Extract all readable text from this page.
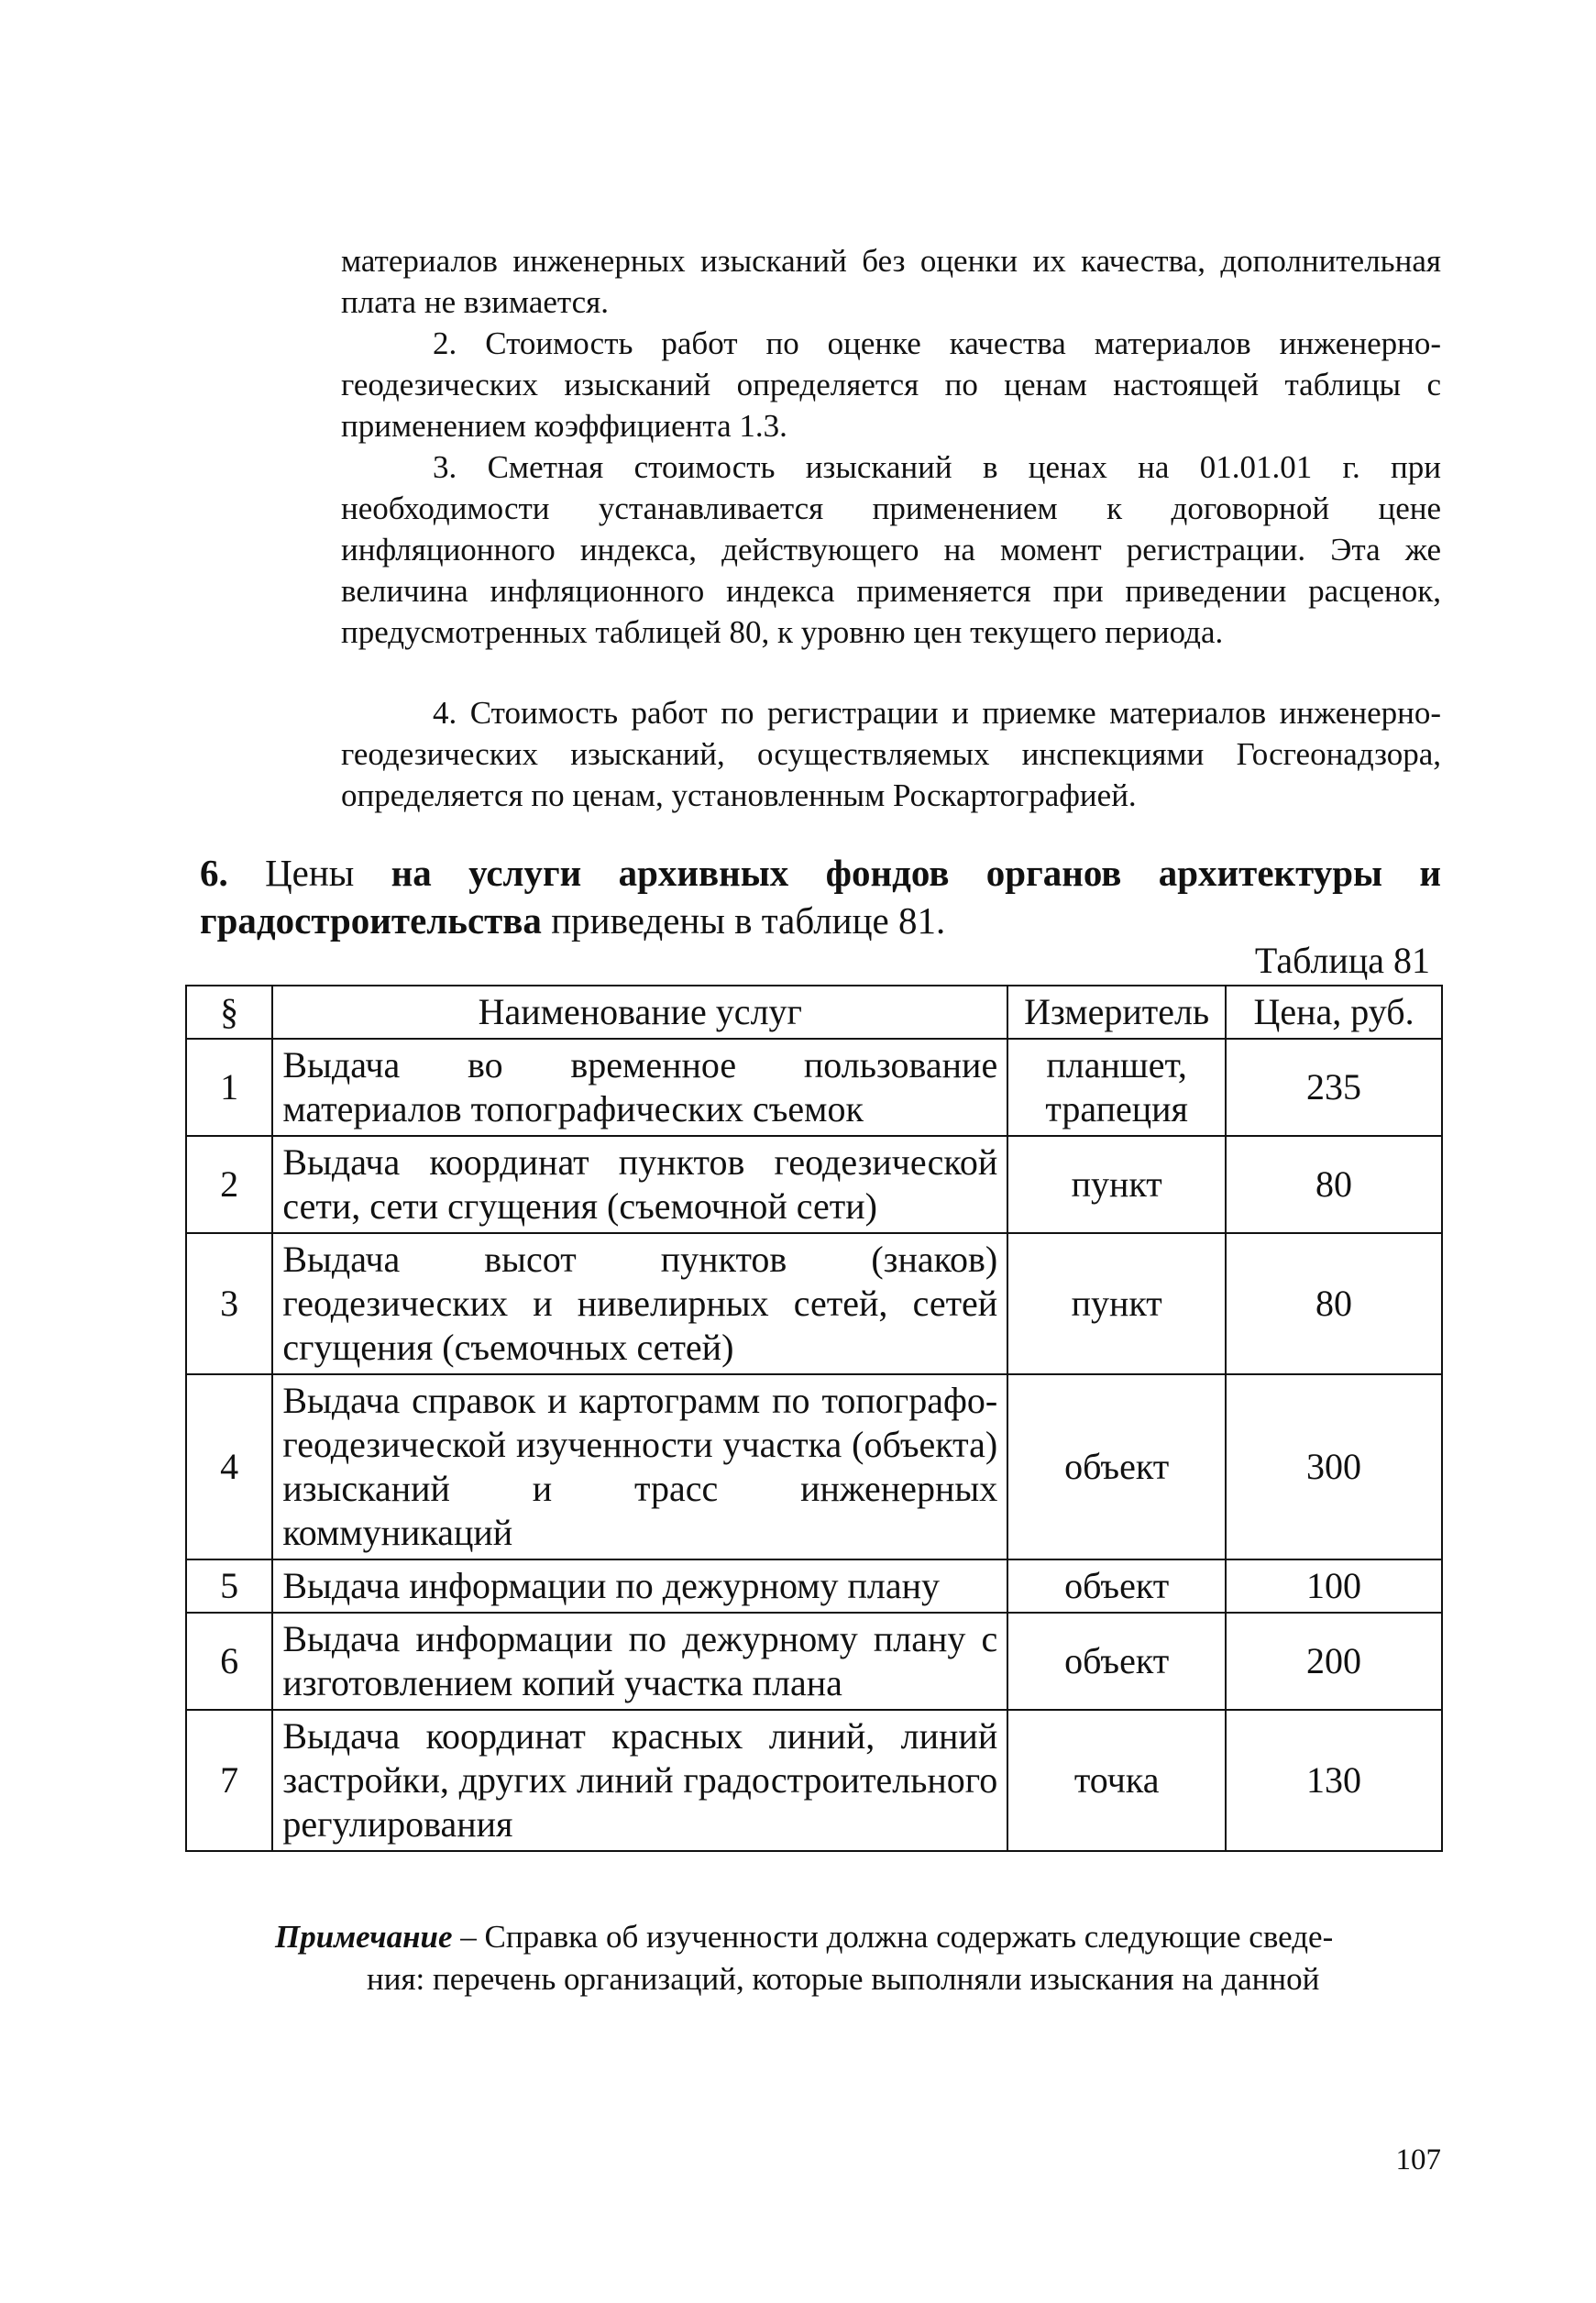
материалов инженерных изысканий без оценки их качества, дополнительная плата не взимается.
2. Стоимость работ по оценке качества материалов инженерно-геодезических изысканий определяется по ценам настоящей таблицы с применением коэффициента 1.3.
3. Сметная стоимость изысканий в ценах на 01.01.01 г. при необходимости устанавливается применением к договорной цене инфляционного индекса, действующего на момент регистрации. Эта же величина инфляционного индекса применяется при приведении расценок, предусмотренных таблицей 80, к уровню цен текущего периода.
4. Стоимость работ по регистрации и приемке материалов инженерно-геодезических изысканий, осуществляемых инспекциями Госгеонадзора, определяется по ценам, установленным Роскартографией.
6. Цены на услуги архивных фондов органов архитектуры и градостроительства приведены в таблице 81.
Таблица 81
§	Наименование услуг	Измеритель	Цена, руб.
1	Выдача во временное пользование материалов топографических съемок	планшет, трапеция	235
2	Выдача координат пунктов геодезической сети, сети сгущения (съемочной сети)	пункт	80
3	Выдача высот пунктов (знаков) геодезических и нивелирных сетей, сетей сгущения (съемочных сетей)	пункт	80
4	Выдача справок и картограмм по топографо-геодезической изученности участка (объекта) изысканий и трасс инженерных коммуникаций	объект	300
5	Выдача информации по дежурному плану	объект	100
6	Выдача информации по дежурному плану с изготовлением копий участка плана	объект	200
7	Выдача координат красных линий, линий застройки, других линий градостроительного регулирования	точка	130
Примечание – Справка об изученности должна содержать следующие сведе-
ния: перечень организаций, которые выполняли изыскания на данной
107
